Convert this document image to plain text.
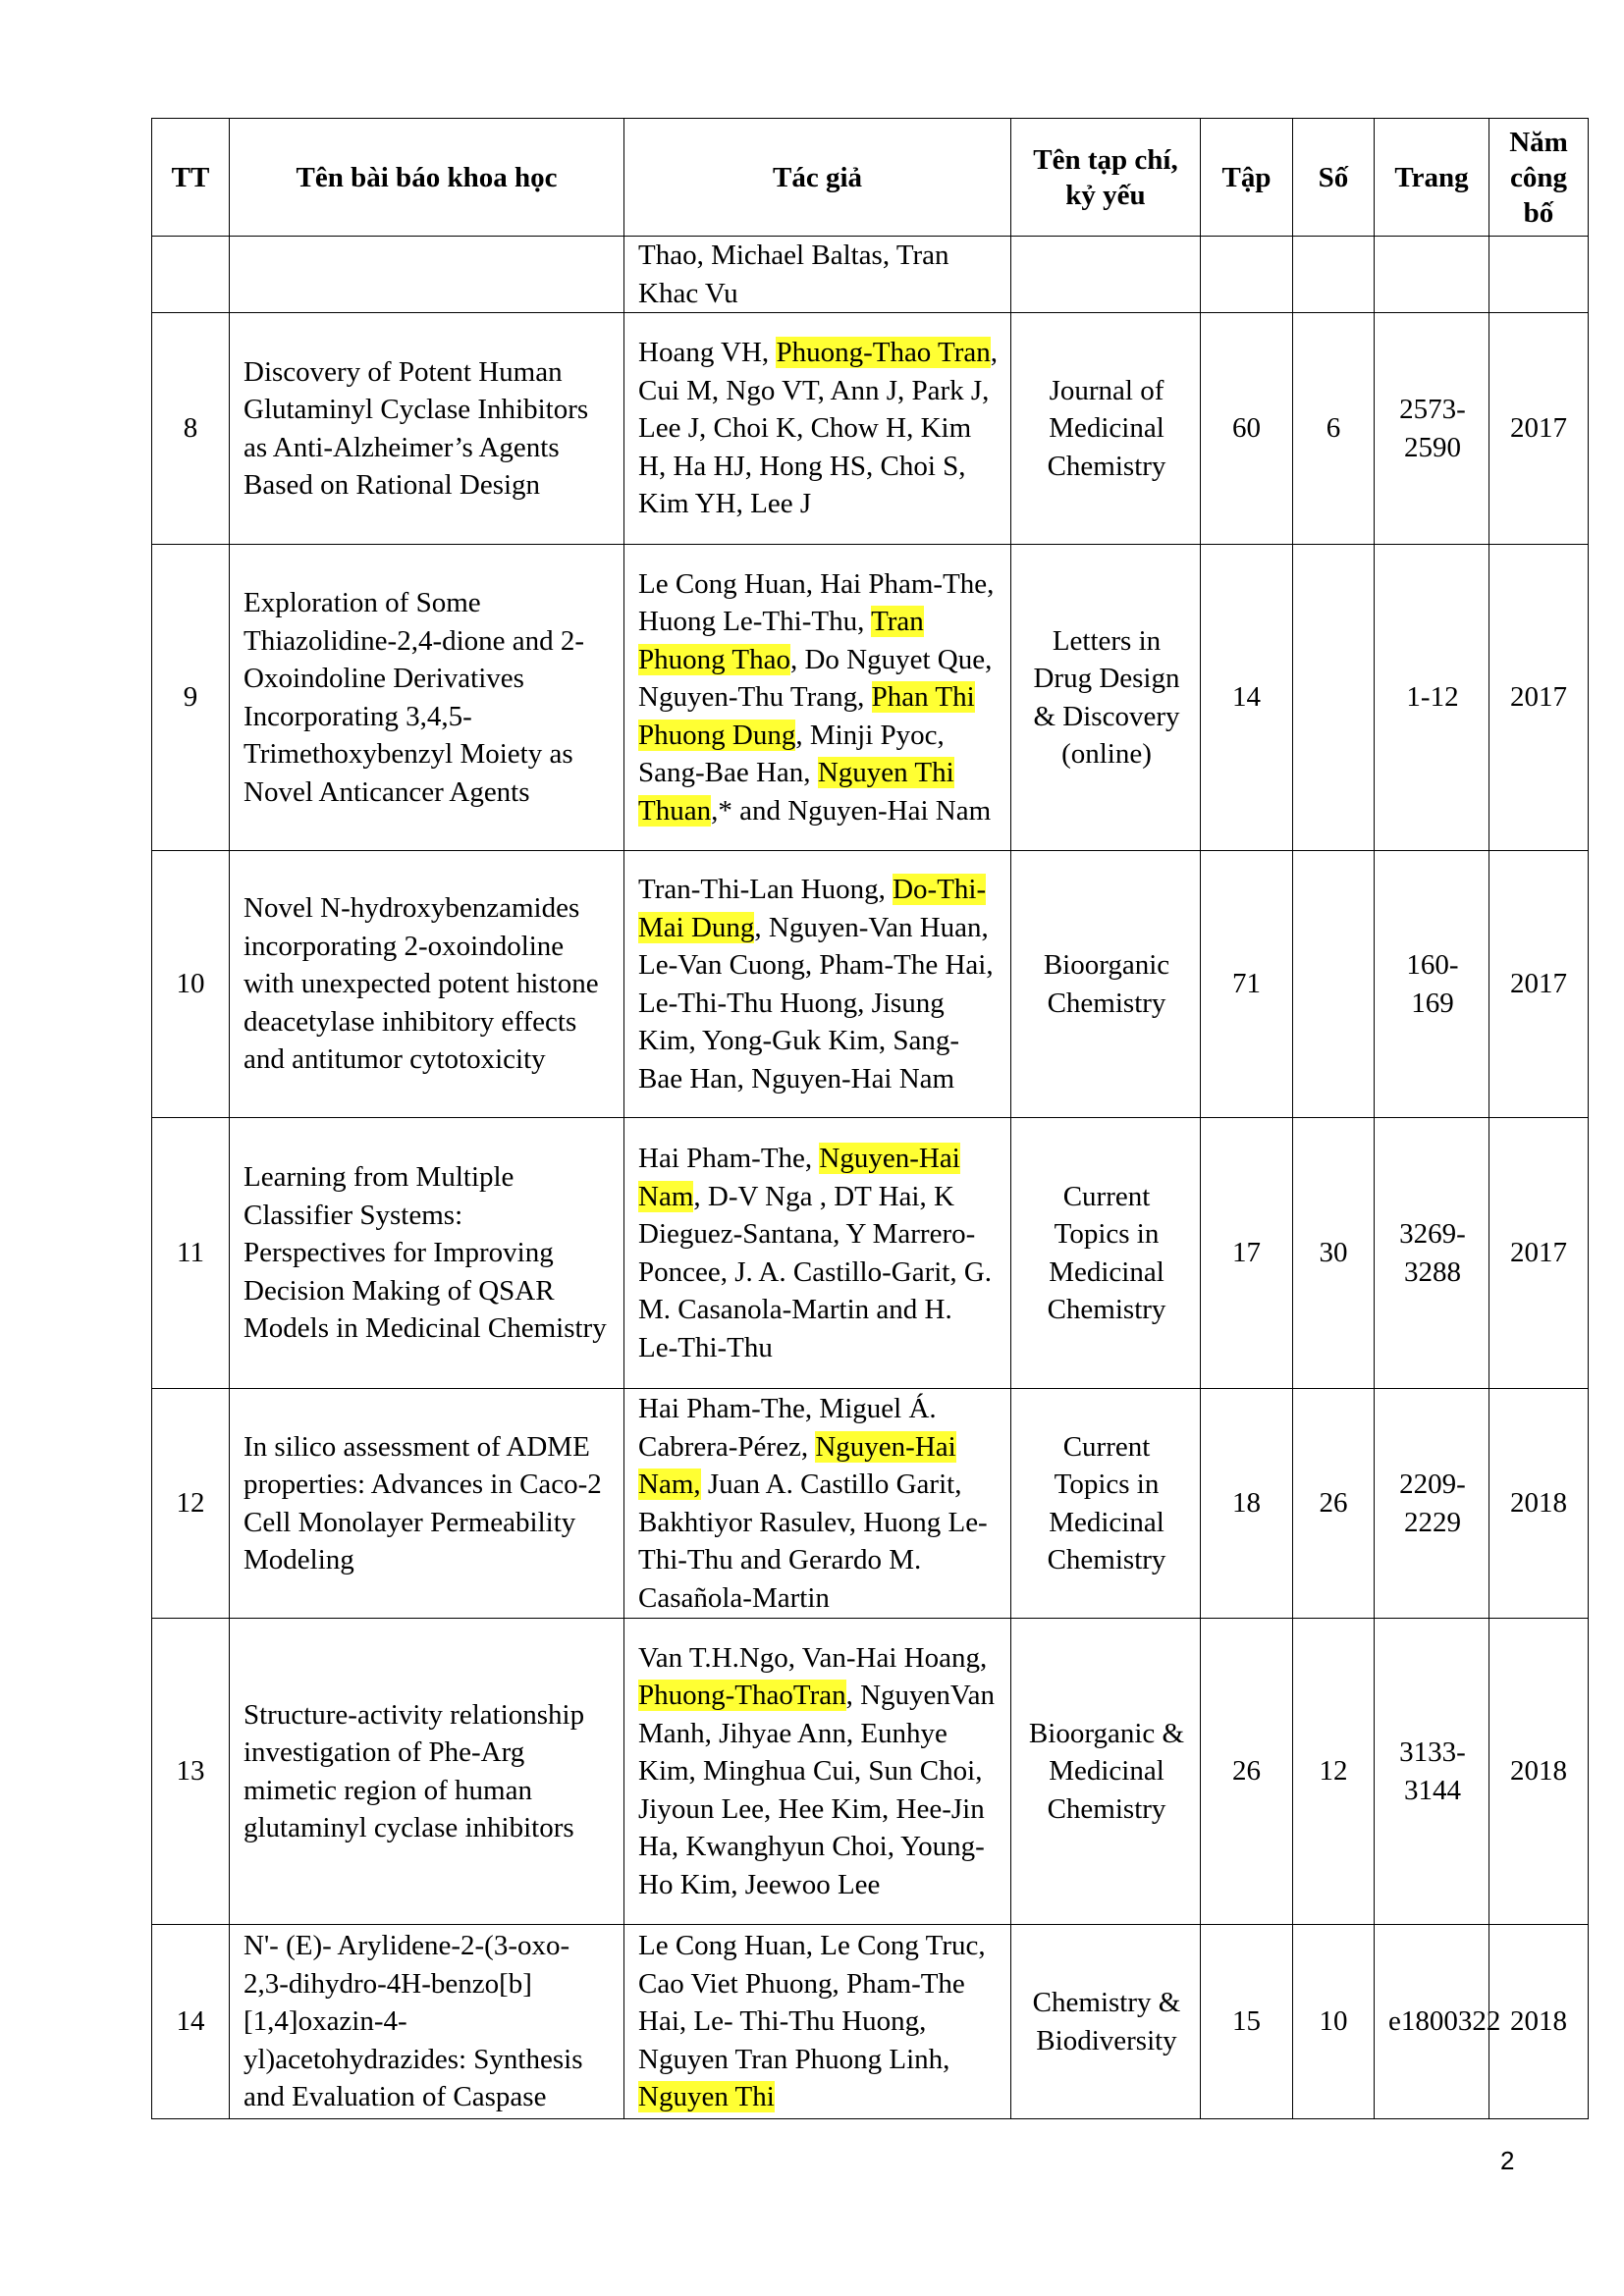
TT	Tên bài báo khoa học	Tác giả	Tên tạp chí, kỷ yếu	Tập	Số	Trang	Năm công bố

		Thao, Michael Baltas, Tran Khac Vu					

8	Discovery of Potent Human Glutaminyl Cyclase Inhibitors as Anti-Alzheimer’s Agents Based on Rational Design	Hoang VH, Phuong-Thao Tran, Cui M, Ngo VT, Ann J, Park J, Lee J, Choi K, Chow H, Kim H, Ha HJ, Hong HS, Choi S, Kim YH, Lee J	Journal of Medicinal Chemistry	60	6	2573-2590	2017
9	Exploration of Some Thiazolidine-2,4-dione and 2-Oxoindoline Derivatives Incorporating 3,4,5-Trimethoxybenzyl Moiety as Novel Anticancer Agents	Le Cong Huan, Hai Pham-The, Huong Le-Thi-Thu, Tran Phuong Thao, Do Nguyet Que, Nguyen-Thu Trang, Phan Thi Phuong Dung, Minji Pyoc, Sang-Bae Han, Nguyen Thi Thuan,* and Nguyen-Hai Nam	Letters in Drug Design & Discovery (online)	14		1-12	2017
10	Novel N-hydroxybenzamides incorporating 2-oxoindoline with unexpected potent histone deacetylase inhibitory effects and antitumor cytotoxicity	Tran-Thi-Lan Huong, Do-Thi-Mai Dung, Nguyen-Van Huan, Le-Van Cuong, Pham-The Hai, Le-Thi-Thu Huong, Jisung Kim, Yong-Guk Kim, Sang-Bae Han, Nguyen-Hai Nam	Bioorganic Chemistry	71		160-169	2017
11	Learning from Multiple Classifier Systems: Perspectives for Improving Decision Making of QSAR Models in Medicinal Chemistry	Hai Pham-The, Nguyen-Hai Nam, D-V Nga , DT Hai, K Dieguez-Santana, Y Marrero-Poncee, J. A. Castillo-Garit, G. M. Casanola-Martin and H. Le-Thi-Thu	Current Topics in Medicinal Chemistry	17	30	3269-3288	2017
12	In silico assessment of ADME properties: Advances in Caco-2 Cell Monolayer Permeability Modeling	Hai Pham-The, Miguel Á. Cabrera-Pérez, Nguyen-Hai Nam, Juan A. Castillo Garit, Bakhtiyor Rasulev, Huong Le-Thi-Thu and Gerardo M. Casañola-Martin	Current Topics in Medicinal Chemistry	18	26	2209-2229	2018
13	Structure-activity relationship investigation of Phe-Arg mimetic region of human glutaminyl cyclase inhibitors	Van T.H.Ngo, Van-Hai Hoang, Phuong-ThaoTran, NguyenVan Manh, Jihyae Ann, Eunhye Kim, Minghua Cui, Sun Choi, Jiyoun Lee, Hee Kim, Hee-Jin Ha, Kwanghyun Choi, Young-Ho Kim, Jeewoo Lee	Bioorganic & Medicinal Chemistry	26	12	3133-3144	2018
14	N'- (E)- Arylidene-2-(3-oxo-2,3-dihydro-4H-benzo[b][1,4]oxazin-4-yl)acetohydrazides: Synthesis and Evaluation of Caspase	Le Cong Huan, Le Cong Truc, Cao Viet Phuong, Pham-The Hai, Le- Thi-Thu Huong, Nguyen Tran Phuong Linh, Nguyen Thi	Chemistry & Biodiversity	15	10	e1800322	2018
2
